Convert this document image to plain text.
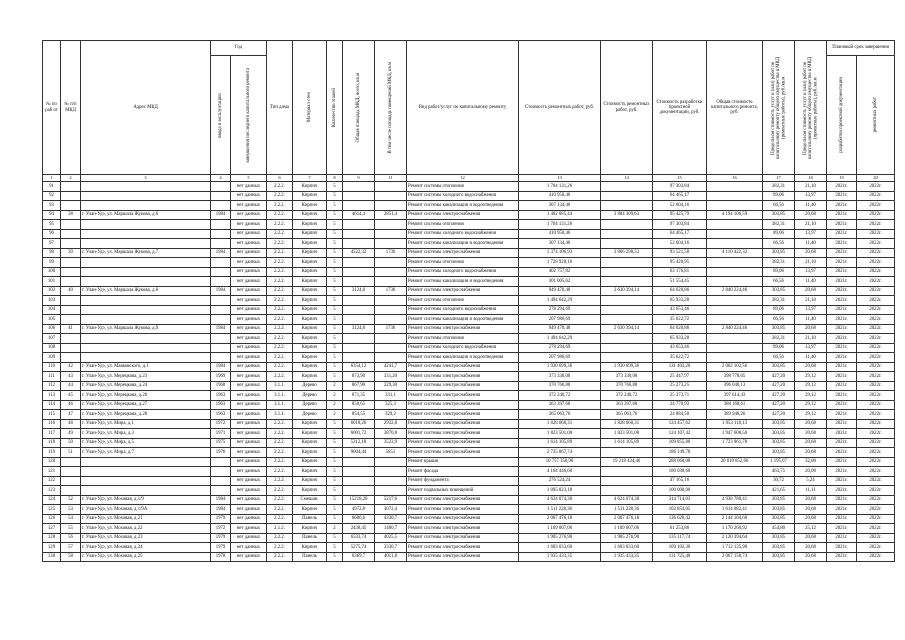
№ по раб от	№ п/п МКД	Адрес МКД	Год		Тип дома	Материал стен	Количество этажей	Общая площадь МКД, всего, кв.м	В том числе площадь помещений МКД, кв.м	Вид работ/услуг по капитальному ремонту	Стоимость ремонтных работ, руб.	Стоимость ремонтных работ, руб.	Стоимость разработки проектной документации, руб.	Общая стоимость капитального ремонта, руб.	Предельная стоимость услуг и (или) работ по капитальному ремонту общего имущества в МКД (ремонтные работы), руб./кв.м	Предельная стоимость услуг и (или) работ по капитальному ремонту общего имущества в МКД (проектные работы), руб./кв.м	Плановый срок завершения	

			ввода в эксплуатацию	завершения последнего капитального ремонта													разработки проектной документации	ремонтных работ

1	2	3	4	5	6	7	8	9	11	12	13	14	15	16	17	18	19	20
91				нет данных	2.2.2.	Кирпич	5			Ремонт системы отопления	1 764 131,26		97 303,84		382,31	21,10	2021г.	2022г.
92				нет данных	2.2.2.	Кирпич	5			Ремонт системы холодного водоснабжения	410 958,46		64 465,17		89,06	13,97	2021г.	2022г.
93				нет данных	2.2.2.	Кирпич	5			Ремонт системы канализации и водоотведения	307 134,46		52 604,16		66,56	11,40	2021г.	2022г.
94	38	г. Улан-Удэ, ул. Маршала Жукова, д.6	1984	нет данных	2.2.2.	Кирпич	5	4614,4	2851,4	Ремонт системы электроснабжения	1 402 085,44	3 884 309,63	95 425,79	4 194 106,59	303,85	20,68	2021г.	2022г.
95				нет данных	2.2.2.	Кирпич	5			Ремонт системы отопления	1 764 131,26		97 303,84		382,31	21,10	2021г.	2022г.
96				нет данных	2.2.2.	Кирпич	5			Ремонт системы холодного водоснабжения	410 958,46		64 465,17		89,06	13,97	2021г.	2022г.
97				нет данных	2.2.2.	Кирпич	5			Ремонт системы канализации и водоотведения	307 134,46		52 604,16		66,56	11,40	2021г.	2022г.
98	39	г. Улан-Удэ, ул. Маршала Жукова, д.7	1984	нет данных	2.2.2.	Кирпич	5	4522,32	1736	Ремонт системы электроснабжения	1 374 106,93	3 806 298,53	93 521,58	4 110 422,32	303,85	20,68	2021г.	2022г.
99				нет данных	2.2.2.	Кирпич	5			Ремонт системы отопления	1 728 928,16		95 420,95		382,31	21,10	2021г.	2022г.
100				нет данных	2.2.2.	Кирпич	5			Ремонт системы холодного водоснабжения	402 757,82		63 176,81		89,06	13,97	2021г.	2022г.
101				нет данных	2.2.2.	Кирпич	5			Ремонт системы канализации и водоотведения	301 005,62		51 554,45		66,56	11,40	2021г.	2022г.
102	40	г. Улан-Удэ, ул. Маршала Жукова, д.8	1984	нет данных	2.2.2.	Кирпич	5	3124,8	1736	Ремонт системы электроснабжения	949 470,48	2 630 394,14	64 620,86	2 840 224,46	303,85	20,68	2021г.	2022г.
103				нет данных	2.2.2.	Кирпич	5			Ремонт системы отопления	1 494 642,29		65 933,28		382,31	21,10	2021г.	2022г.
104				нет данных	2.2.2.	Кирпич	5			Ремонт системы холодного водоснабжения	278 294,69		43 653,46		89,06	13,97	2021г.	2022г.
105				нет данных	2.2.2.	Кирпич	5			Ремонт системы канализации и водоотведения	207 986,69		35 622,72		66,56	11,40	2021г.	2022г.
106	41	г. Улан-Удэ, ул. Маршала Жукова, д.9	1984	нет данных	2.2.2.	Кирпич	5	3124,8	1736	Ремонт системы электроснабжения	949 470,48	2 630 394,14	64 620,86	2 840 224,46	303,85	20,68	2021г.	2022г.
107				нет данных	2.2.2.	Кирпич	5			Ремонт системы отопления	1 494 642,29		65 933,28		382,31	21,10	2021г.	2022г.
108				нет данных	2.2.2.	Кирпич	5			Ремонт системы холодного водоснабжения	278 294,69		43 653,46		89,06	13,97	2021г.	2022г.
109				нет данных	2.2.2.	Кирпич	5			Ремонт системы канализации и водоотведения	207 986,69		35 622,72		66,56	11,40	2021г.	2022г.
110	42	г. Улан-Удэ, ул. Маяковского, д.1	1984	нет данных	2.2.2.	Кирпич	5	6354,12	4241,7	Ремонт системы электроснабжения	1 930 699,36	1 930 699,36	131 403,20	2 062 102,56	303,85	20,68	2021г.	2022г.
111	43	г. Улан-Удэ, ул. Мерецкова, д.23	1969	нет данных	2.2.2.	Кирпич	5	873,90	331,20	Ремонт системы электроснабжения	373 330,08	373 330,08	25 447,97	398 778,05	427,20	29,12	2021г.	2022г.
112	44	г. Улан-Удэ, ул. Мерецкова, д.24	1960	нет данных	3.1.1.	Дерево	2	867,90	329,30	Ремонт системы электроснабжения	370 766,88	370 766,88	25 273,25	396 040,13	427,20	29,12	2021г.	2022г.
113	45	г. Улан-Удэ, ул. Мерецкова, д.26	1963	нет данных	3.1.1.	Дерево	2	871,35	331,1	Ремонт системы электроснабжения	372 240,72	372 240,72	25 373,71	397 614,43	427,20	29,12	2021г.	2022г.
114	46	г. Улан-Удэ, ул. Мерецкова, д.27	1963	нет данных	3.1.1.	Дерево	2	850,65	325,3	Ремонт системы электроснабжения	363 397,68	363 397,68	24 770,93	388 168,61	427,20	29,12	2021г.	2022г.
115	47	г. Улан-Удэ, ул. Мерецкова, д.28	1963	нет данных	3.1.1.	Дерево	2	854,55	329,2	Ремонт системы электроснабжения	365 063,76	365 063,76	24 884,50	389 948,26	427,20	29,12	2021г.	2022г.
116	48	г. Улан-Удэ, ул. Мира, д.1	1972	нет данных	2.2.2.	Кирпич	5	6018,26	2932,8	Ремонт системы электроснабжения	1 828 660,31	1 828 660,31	124 457,62	1 953 118,13	303,85	20,68	2021г.	2022г.
117	49	г. Улан-Удэ, ул. Мира, д.3	1971	нет данных	2.2.2.	Кирпич	5	6001,72	3870,8	Ремонт системы электроснабжения	1 823 501,08	1 823 501,08	124 107,42	1 947 608,50	303,85	20,68	2021г.	2022г.
118	50	г. Улан-Удэ, ул. Мира, д.5	1975	нет данных	2.2.2.	Кирпич	5	5312,18	3523,9	Ремонт системы электроснабжения	1 614 105,89	1 614 105,89	109 855,88	1 723 961,78	303,85	20,68	2021г.	2022г.
119	51	г. Улан-Удэ, ул. Мира, д.7	1976	нет данных	2.2.2.	Кирпич	5	9004,44	5851	Ремонт системы электроснабжения	2 735 067,74		186 149,78		303,85	20,68	2021г.	2022г.
120				нет данных	2.2.2.	Кирпич	5			Ремонт крыши	10 757 350,90	19 218 434,46	288 060,08	20 010 852,66	1 195,07	32,00	2021г.	2022г.
121				нет данных	2.2.2.	Кирпич	5			Ремонт фасада	4 164 446,60		180 038,60		463,75	20,00	2021г.	2022г.
122				нет данных	2.2.2.	Кирпич	5			Ремонт фундамента	276 524,24		47 165,16		30,72	5,24	2021г.	2022г.
123				нет данных	2.2.2.	Кирпич	5			Ремонт подвальных помещений	1 095 023,18		100 000,00		421,65	11,11	2021г.	2022г.
124	52	г. Улан-Удэ, ул. Моховая, д.1/9	1984	нет данных	2.2.2.	Смешан.	5	15218,28	5217,6	Ремонт системы электроснабжения	4 624 074,38	4 624 074,38	314 714,03	4 938 788,41	303,85	20,68	2021г.	2022г.
125	53	г. Улан-Удэ, ул. Моховая, д.1/9А	1984	нет данных	2.2.2.	Кирпич	5	4972,8	3072,4	Ремонт системы электроснабжения	1 511 228,36	1 511 228,36	102 854,05	1 614 082,41	303,85	20,68	2021г.	2022г.
126	54	г. Улан-Удэ, ул. Моховая, д.21	1979	нет данных	2.2.2.	Панель	5	6606,6	4330,7	Ремонт системы электроснабжения	2 007 476,18	2 007 476,18	136 628,42	2 144 104,60	303,85	20,68	2021г.	2022г.
127	55	г. Улан-Удэ, ул. Моховая, д.22	1972	нет данных	2.1.2.	Кирпич	2	2438,45	1460,7	Ремонт системы электроснабжения	1 109 007,06	1 109 007,06	61 253,86	1 170 260,92	454,80	25,12	2021г.	2022г.
128	56	г. Улан-Удэ, ул. Моховая, д.23	1979	нет данных	2.2.2.	Панель	5	6533,74	4025,5	Ремонт системы электроснабжения	1 985 276,90	1 985 276,90	135 117,74	2 120 394,64	303,85	20,68	2021г.	2022г.
129	57	г. Улан-Удэ, ул. Моховая, д.24	1979	нет данных	2.2.2.	Кирпич	5	5275,74	3330,7	Ремонт системы электроснабжения	1 603 033,60	1 603 033,60	109 102,30	1 712 135,90	303,85	20,68	2021г.	2022г.
130	58	г. Улан-Удэ, ул. Моховая, д.25	1978	нет данных	2.2.2.	Панель	5	6369,7	4011,8	Ремонт системы электроснабжения	1 935 433,35	1 935 433,35	131 725,40	2 067 158,74	303,85	20,68	2021г.	2022г.
